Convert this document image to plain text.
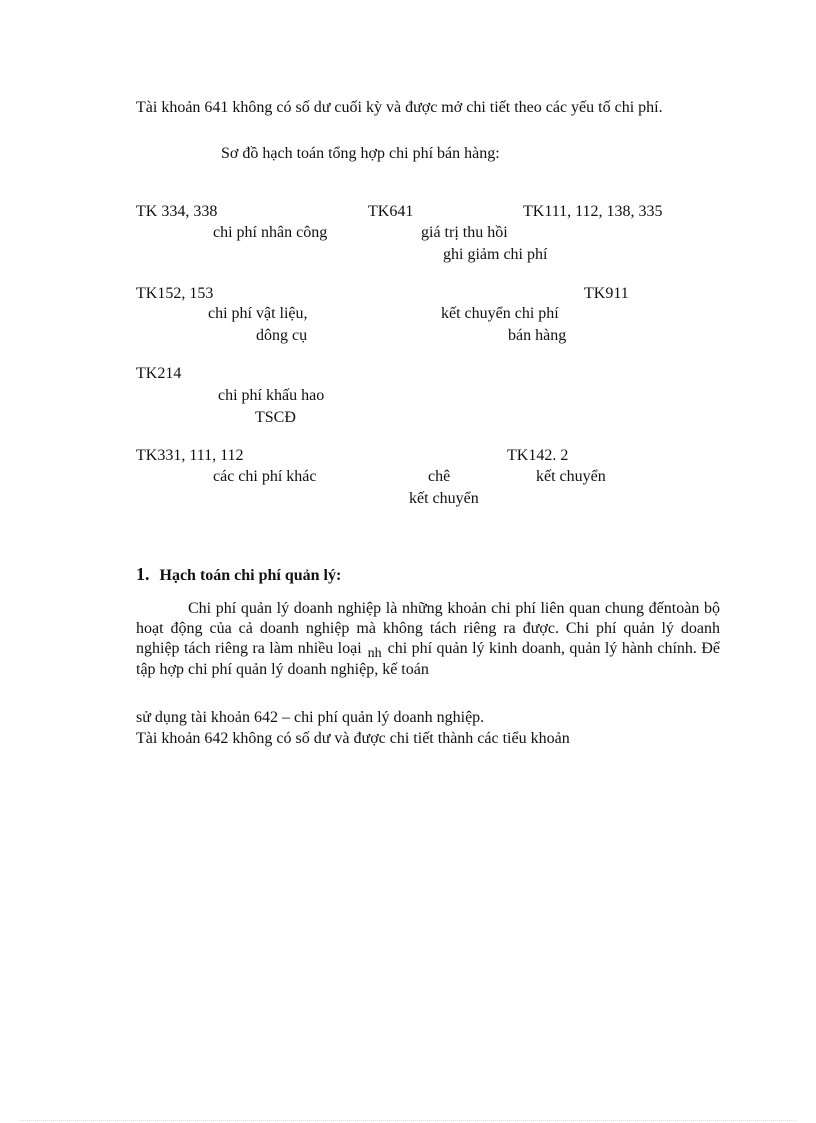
Tài khoản 641 không có số dư cuối kỳ và được mở chi tiết theo các yếu tố chi phí.
Sơ đồ hạch toán tổng hợp chi phí bán hàng:
TK 334, 338	TK641	TK111, 112, 138, 335
chi phí nhân công	giá trị thu hồi
ghi giảm chi phí
TK152, 153	TK911
chi phí vật liệu,
dông cụ
kết chuyển chi phí
bán hàng
TK214
chi phí khấu hao
TSCĐ
TK331, 111, 112	TK142. 2
các chi phí khác	chê	kết chuyển
kết chuyển
1. Hạch toán chi phí quản lý:
Chi phí quản lý doanh nghiệp là những khoản chi phí liên quan chung đếntoàn bộ hoạt động của cả doanh nghiệp mà không tách riêng ra được. Chi phí quản lý doanh nghiệp tách riêng ra làm nhiều loại nh chi phí quản lý kinh doanh, quản lý hành chính. Để tập hợp chi phí quản lý doanh nghiệp, kế toán
sử dụng tài khoản 642 – chi phí quản lý doanh nghiệp.
Tài khoản 642 không có số dư và được chi tiết thành các tiểu khoản
